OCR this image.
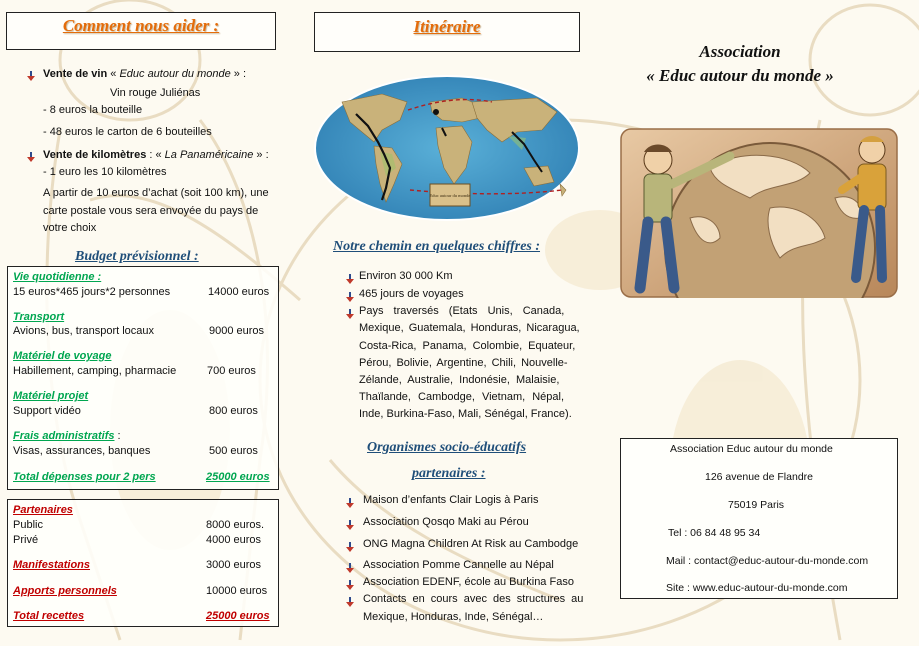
Comment nous aider :
Vente de vin « Educ autour du monde » :
Vin rouge Juliénas
- 8 euros la bouteille
- 48 euros le carton de 6 bouteilles
Vente de kilomètres : « La Panaméricaine » :
- 1 euro les 10 kilomètres
A partir de 10 euros d’achat (soit 100 km), une
carte postale vous sera envoyée du pays de
votre choix
Budget prévisionnel :
Vie quotidienne :
15 euros*465 jours*2 personnes	14000 euros
Transport
Avions, bus, transport locaux	9000 euros
Matériel de voyage
Habillement, camping, pharmacie	700 euros
Matériel projet
Support vidéo	800 euros
Frais administratifs :
Visas, assurances, banques	500 euros
Total dépenses pour 2 pers	25000 euros
Partenaires
Public	8000 euros.
Privé	4000 euros
Manifestations	3000 euros
Apports personnels	10000 euros
Total recettes	25000 euros
Itinéraire
Educ autour du monde
Notre chemin en quelques chiffres :
Environ 30 000 Km
465 jours de voyages
Pays traversés (Etats Unis, Canada,
Mexique, Guatemala, Honduras, Nicaragua,
Costa-Rica, Panama, Colombie, Equateur,
Pérou, Bolivie, Argentine, Chili, Nouvelle-
Zélande, Australie, Indonésie, Malaisie,
Thaïlande, Cambodge, Vietnam, Népal,
Inde, Burkina-Faso, Mali, Sénégal, France).
Organismes socio-éducatifs
partenaires :
Maison d’enfants Clair Logis à Paris
Association Qosqo Maki au Pérou
ONG Magna Children At Risk au Cambodge
Association Pomme Cannelle au Népal
Association EDENF, école au Burkina Faso
Contacts en cours avec des structures au
Mexique, Honduras, Inde, Sénégal…
Association
« Educ autour du monde »
Association Educ autour du monde
126 avenue de Flandre
75019 Paris
Tel : 06 84 48 95 34
Mail : contact@educ-autour-du-monde.com
Site : www.educ-autour-du-monde.com
